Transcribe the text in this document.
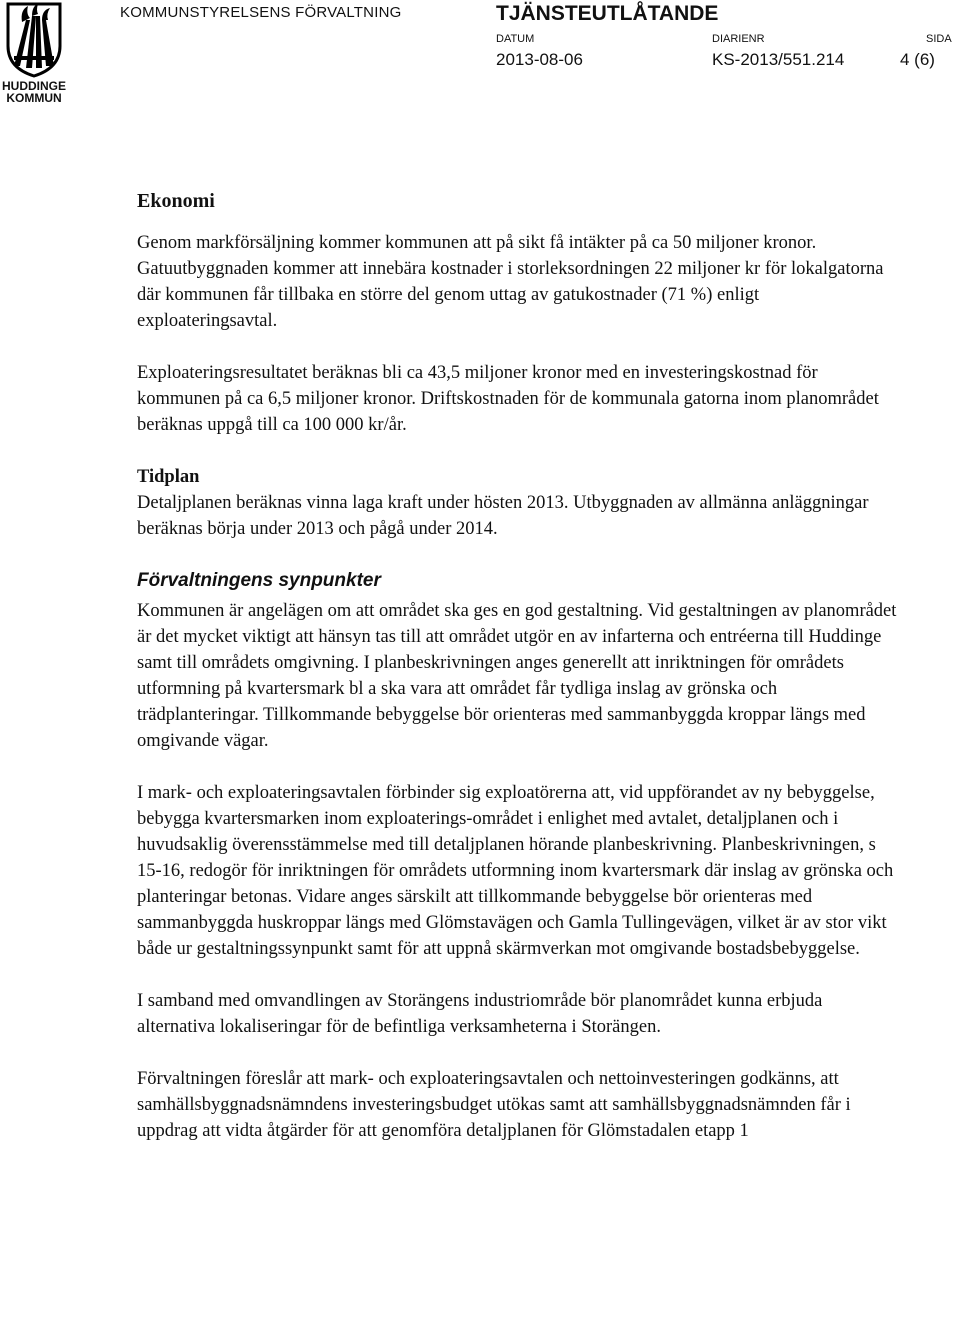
HUDDINGE
KOMMUN
KOMMUNSTYRELSENS FÖRVALTNING	TJÄNSTEUTLÅTANDE
DATUM
2013-08-06
DIARIENR
KS-2013/551.214
SIDA
4 (6)
Ekonomi

Genom markförsäljning kommer kommunen att på sikt få intäkter på ca 50 miljoner kronor. Gatuutbyggnaden kommer att innebära kostnader i storleksordningen 22 miljoner kr för lokalgatorna där kommunen får tillbaka en större del genom uttag av gatukostnader (71 %) enligt exploateringsavtal.

Exploateringsresultatet beräknas bli ca 43,5 miljoner kronor med en investeringskostnad för kommunen på ca 6,5 miljoner kronor. Driftskostnaden för de kommunala gatorna inom planområdet beräknas uppgå till ca 100 000 kr/år.

Tidplan

Detaljplanen beräknas vinna laga kraft under hösten 2013. Utbyggnaden av allmänna anläggningar beräknas börja under 2013 och pågå under 2014.

Förvaltningens synpunkter

Kommunen är angelägen om att området ska ges en god gestaltning. Vid gestaltningen av planområdet är det mycket viktigt att hänsyn tas till att området utgör en av infarterna och entréerna till Huddinge samt till områdets omgivning. I planbeskrivningen anges generellt att inriktningen för områdets utformning på kvartersmark bl a ska vara att området får tydliga inslag av grönska och trädplanteringar. Tillkommande bebyggelse bör orienteras med sammanbyggda kroppar längs med omgivande vägar.

I mark- och exploateringsavtalen förbinder sig exploatörerna att, vid uppförandet av ny bebyggelse, bebygga kvartersmarken inom exploaterings-området i enlighet med avtalet, detaljplanen och i huvudsaklig överensstämmelse med till detaljplanen hörande planbeskrivning. Planbeskrivningen, s 15-16, redogör för inriktningen för områdets utformning inom kvartersmark där inslag av grönska och planteringar betonas. Vidare anges särskilt att tillkommande bebyggelse bör orienteras med sammanbyggda huskroppar längs med Glömstavägen och Gamla Tullingevägen, vilket är av stor vikt både ur gestaltningssynpunkt samt för att uppnå skärmverkan mot omgivande bostadsbebyggelse.

I samband med omvandlingen av Storängens industriområde bör planområdet kunna erbjuda alternativa lokaliseringar för de befintliga verksamheterna i Storängen.

Förvaltningen föreslår att mark- och exploateringsavtalen och nettoinvesteringen godkänns, att samhällsbyggnadsnämndens investeringsbudget utökas samt att samhällsbyggnadsnämnden får i uppdrag att vidta åtgärder för att genomföra detaljplanen för Glömstadalen etapp 1
